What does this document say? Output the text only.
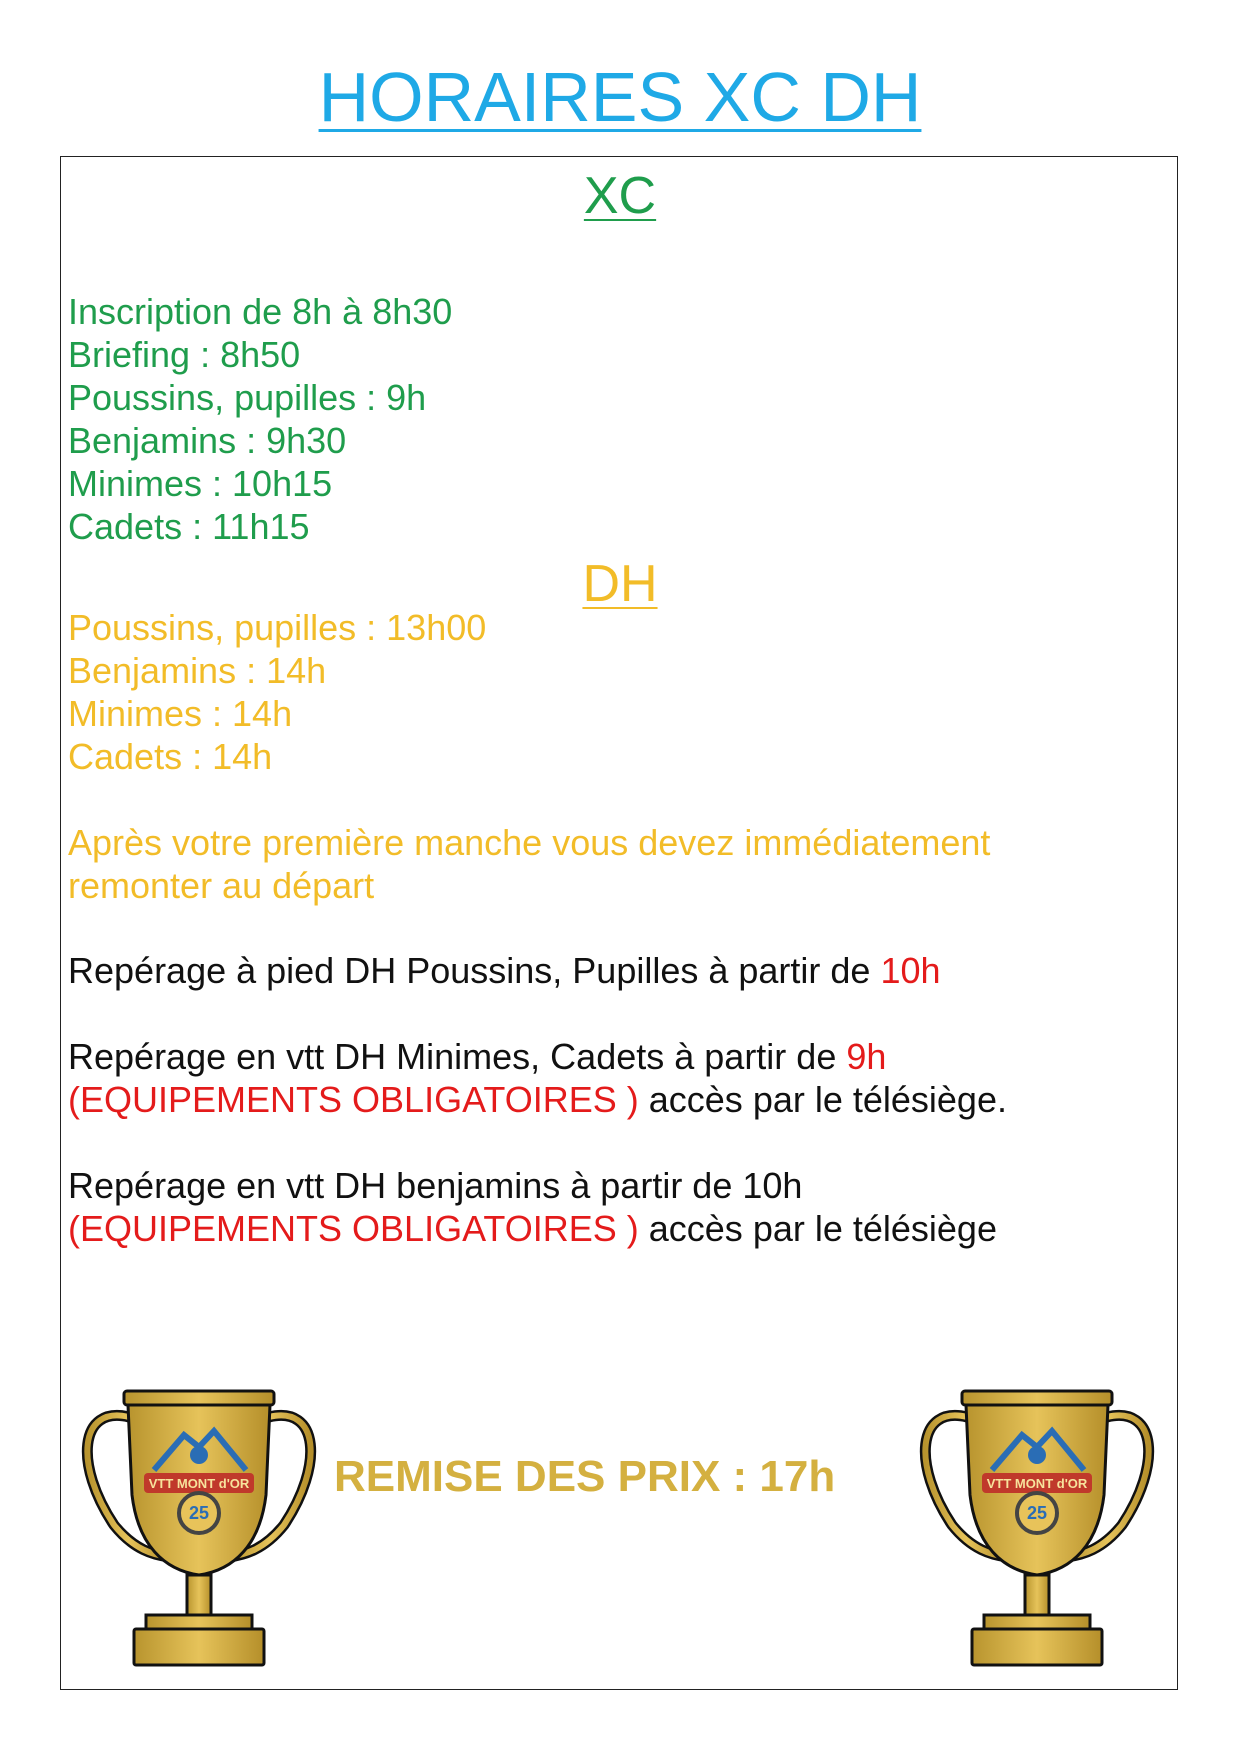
HORAIRES XC DH
XC
Inscription de 8h à 8h30
Briefing : 8h50
Poussins, pupilles : 9h
Benjamins : 9h30
Minimes : 10h15
Cadets : 11h15
DH
Poussins, pupilles : 13h00
Benjamins : 14h
Minimes : 14h
Cadets : 14h
Après votre première manche vous devez immédiatement
remonter au départ
Repérage à pied DH Poussins, Pupilles à partir de 10h
Repérage en vtt DH Minimes, Cadets à partir de 9h
(EQUIPEMENTS OBLIGATOIRES ) accès par le télésiège.
Repérage en vtt DH benjamins à partir de 10h
(EQUIPEMENTS OBLIGATOIRES ) accès par le télésiège
REMISE DES PRIX : 17h
VTT MONT d'OR
25
VTT MONT d'OR
25
